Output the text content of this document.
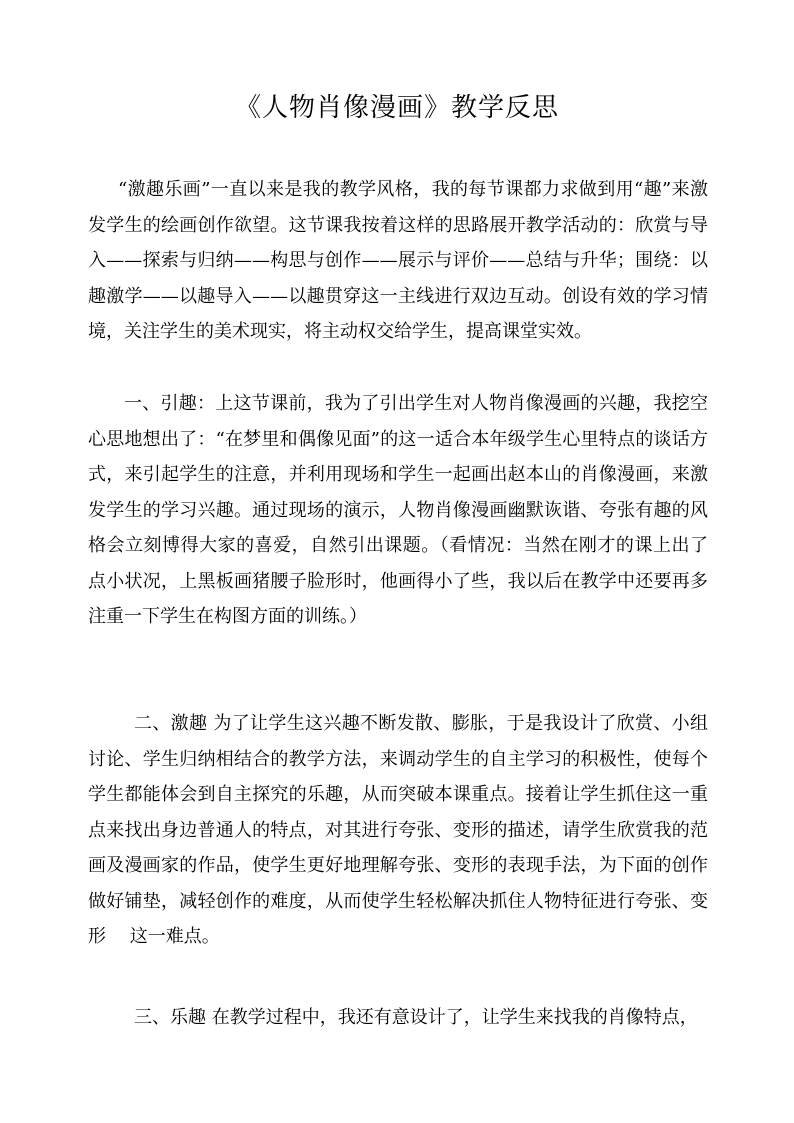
《人物肖像漫画》教学反思

“激趣乐画”一直以来是我的教学风格，我的每节课都力求做到用“趣”来激发学生的绘画创作欲望。这节课我按着这样的思路展开教学活动的：欣赏与导入——探索与归纳——构思与创作——展示与评价——总结与升华；围绕：以趣激学——以趣导入——以趣贯穿这一主线进行双边互动。创设有效的学习情境，关注学生的美术现实，将主动权交给学生，提高课堂实效。

一、引趣：上这节课前，我为了引出学生对人物肖像漫画的兴趣，我挖空心思地想出了：“在梦里和偶像见面”的这一适合本年级学生心里特点的谈话方式，来引起学生的注意，并利用现场和学生一起画出赵本山的肖像漫画，来激发学生的学习兴趣。通过现场的演示，人物肖像漫画幽默诙谐、夸张有趣的风格会立刻博得大家的喜爱，自然引出课题。（看情况：当然在刚才的课上出了点小状况，上黑板画猪腰子脸形时，他画得小了些，我以后在教学中还要再多注重一下学生在构图方面的训练。）

二、激趣 为了让学生这兴趣不断发散、膨胀，于是我设计了欣赏、小组讨论、学生归纳相结合的教学方法，来调动学生的自主学习的积极性，使每个学生都能体会到自主探究的乐趣，从而突破本课重点。接着让学生抓住这一重点来找出身边普通人的特点，对其进行夸张、变形的描述，请学生欣赏我的范画及漫画家的作品，使学生更好地理解夸张、变形的表现手法，为下面的创作做好铺垫，减轻创作的难度，从而使学生轻松解决抓住人物特征进行夸张、变形　 这一难点。

三、乐趣 在教学过程中，我还有意设计了，让学生来找我的肖像特点，
